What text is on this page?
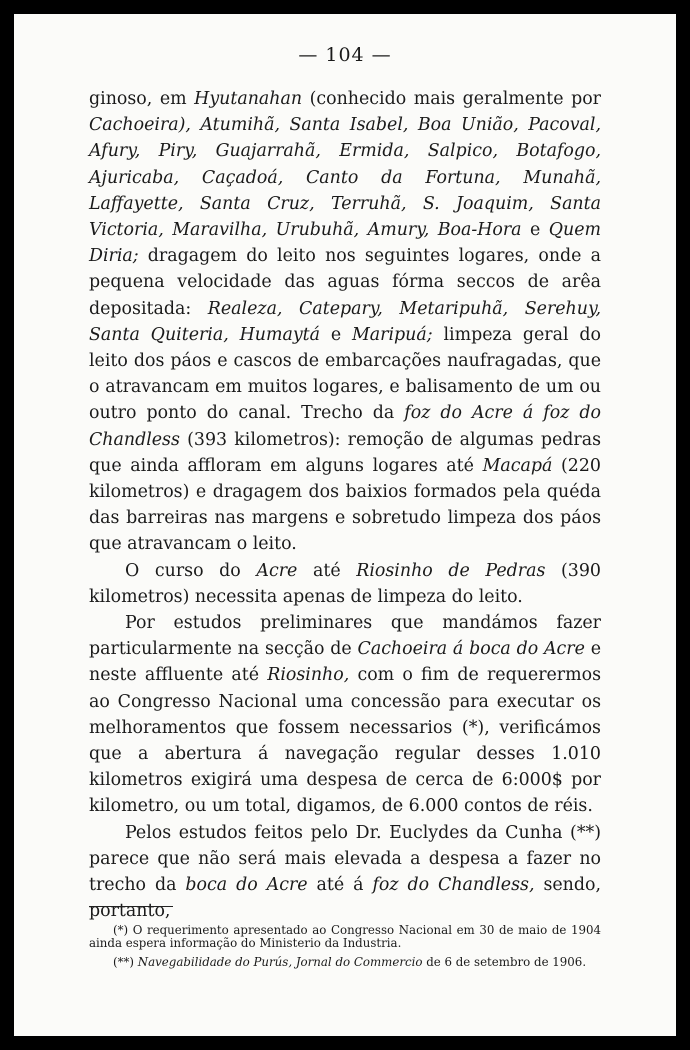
— 104 —

ginoso, em Hyutanahan (conhecido mais geralmente por Cachoeira), Atumihã, Santa Isabel, Boa União, Pacoval, Afury, Piry, Guajarrahã, Ermida, Salpico, Botafogo, Ajuricaba, Caçadoá, Canto da Fortuna, Munahã, Laffayette, Santa Cruz, Terruhã, S. Joaquim, Santa Victoria, Maravilha, Urubuhã, Amury, Boa-Hora e Quem Diria; dragagem do leito nos seguintes logares, onde a pequena velocidade das aguas fórma seccos de arêa depositada: Realeza, Catepary, Metaripuhã, Serehuy, Santa Quiteria, Humaytá e Maripuá; limpeza geral do leito dos páos e cascos de embarcações naufragadas, que o atravancam em muitos logares, e balisamento de um ou outro ponto do canal. Trecho da foz do Acre á foz do Chandless (393 kilometros): remoção de algumas pedras que ainda affloram em alguns logares até Macapá (220 kilometros) e dragagem dos baixios formados pela quéda das barreiras nas margens e sobretudo limpeza dos páos que atravancam o leito.

O curso do Acre até Riosinho de Pedras (390 kilometros) necessita apenas de limpeza do leito.

Por estudos preliminares que mandámos fazer particularmente na secção de Cachoeira á boca do Acre e neste affluente até Riosinho, com o fim de requerermos ao Congresso Nacional uma concessão para executar os melhoramentos que fossem necessarios (*), verificámos que a abertura á navegação regular desses 1.010 kilometros exigirá uma despesa de cerca de 6:000$ por kilometro, ou um total, digamos, de 6.000 contos de réis.

Pelos estudos feitos pelo Dr. Euclydes da Cunha (**) parece que não será mais elevada a despesa a fazer no trecho da boca do Acre até á foz do Chandless, sendo, portanto,

(*) O requerimento apresentado ao Congresso Nacional em 30 de maio de 1904 ainda espera informação do Ministerio da Industria.

(**) Navegabilidade do Purús, Jornal do Commercio de 6 de setembro de 1906.
